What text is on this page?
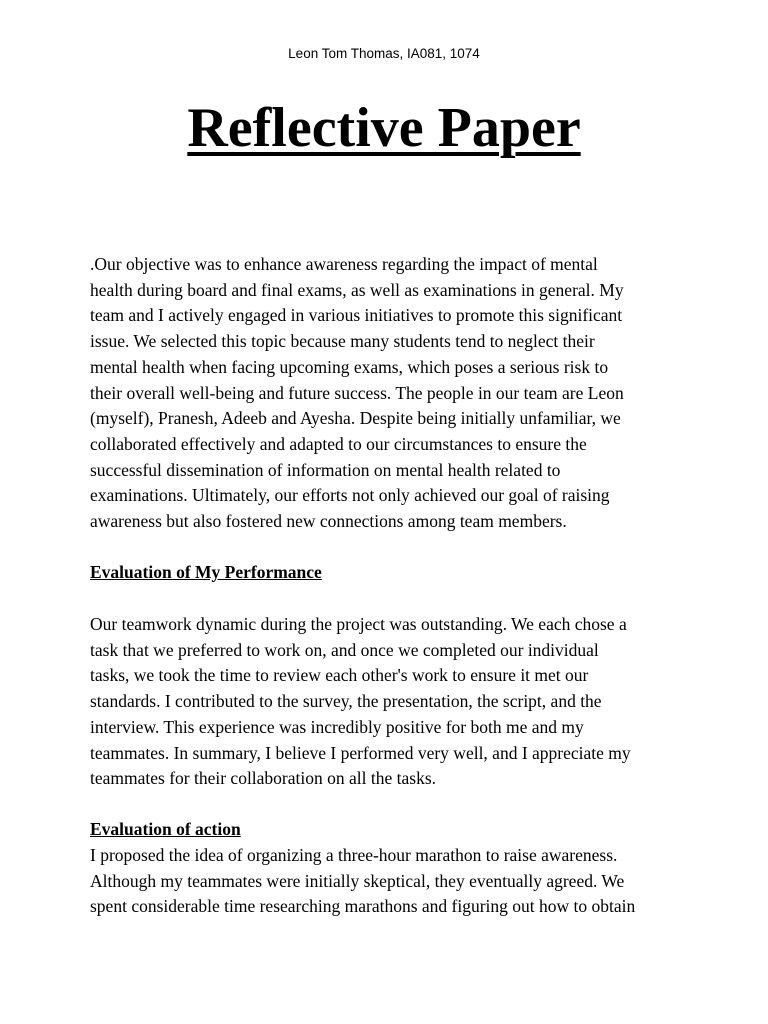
Leon Tom Thomas, IA081, 1074
Reflective Paper

.Our objective was to enhance awareness regarding the impact of mental
health during board and final exams, as well as examinations in general. My
team and I actively engaged in various initiatives to promote this significant
issue. We selected this topic because many students tend to neglect their
mental health when facing upcoming exams, which poses a serious risk to
their overall well-being and future success. The people in our team are Leon
(myself), Pranesh, Adeeb and Ayesha. Despite being initially unfamiliar, we
collaborated effectively and adapted to our circumstances to ensure the
successful dissemination of information on mental health related to
examinations. Ultimately, our efforts not only achieved our goal of raising
awareness but also fostered new connections among team members.

Evaluation of My Performance

Our teamwork dynamic during the project was outstanding. We each chose a
task that we preferred to work on, and once we completed our individual
tasks, we took the time to review each other's work to ensure it met our
standards. I contributed to the survey, the presentation, the script, and the
interview. This experience was incredibly positive for both me and my
teammates. In summary, I believe I performed very well, and I appreciate my
teammates for their collaboration on all the tasks.

Evaluation of action

I proposed the idea of organizing a three-hour marathon to raise awareness.
Although my teammates were initially skeptical, they eventually agreed. We
spent considerable time researching marathons and figuring out how to obtain
